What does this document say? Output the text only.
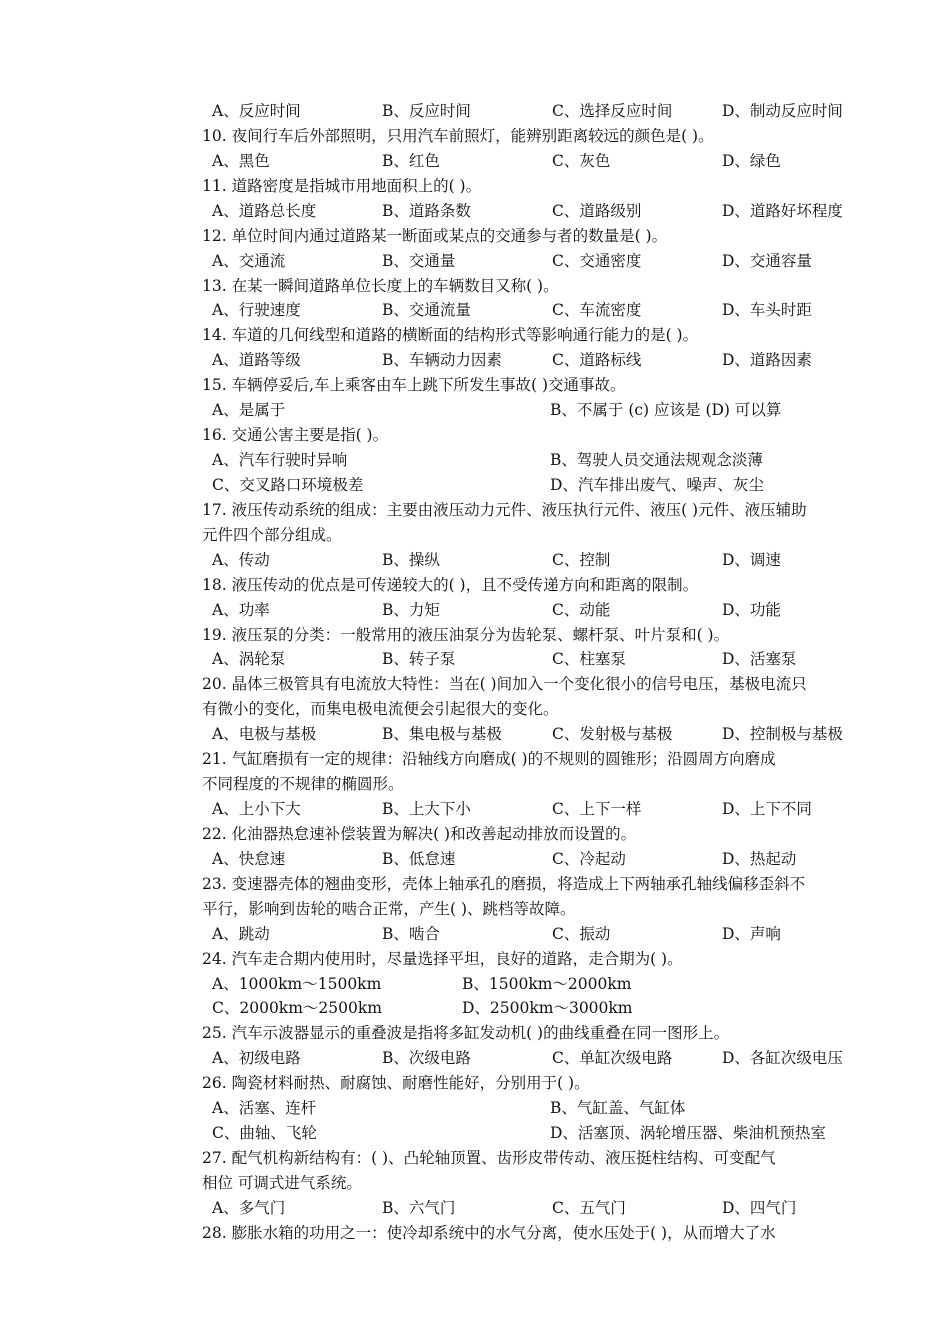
A、反应时间	B、反应时间	C、选择反应时间	D、制动反应时间
10. 夜间行车后外部照明，只用汽车前照灯，能辨别距离较远的颜色是( )。
A、黑色	B、红色	C、灰色	D、绿色
11. 道路密度是指城市用地面积上的( )。
A、道路总长度	B、道路条数	C、道路级别	D、道路好坏程度
12. 单位时间内通过道路某一断面或某点的交通参与者的数量是( )。
A、交通流	B、交通量	C、交通密度	D、交通容量
13. 在某一瞬间道路单位长度上的车辆数目又称( )。
A、行驶速度	B、交通流量	C、车流密度	D、车头时距
14. 车道的几何线型和道路的横断面的结构形式等影响通行能力的是( )。
A、道路等级	B、车辆动力因素	C、道路标线	D、道路因素
15. 车辆停妥后,车上乘客由车上跳下所发生事故( )交通事故。
A、是属于	B、不属于 (c) 应该是 (D) 可以算
16. 交通公害主要是指( )。
A、汽车行驶时异响	B、驾驶人员交通法规观念淡薄
C、交叉路口环境极差	D、汽车排出废气、噪声、灰尘
17. 液压传动系统的组成：主要由液压动力元件、液压执行元件、液压( )元件、液压辅助
元件四个部分组成。
A、传动	B、操纵	C、控制	D、调速
18. 液压传动的优点是可传递较大的( )，且不受传递方向和距离的限制。
A、功率	B、力矩	C、动能	D、功能
19. 液压泵的分类：一般常用的液压油泵分为齿轮泵、螺杆泵、叶片泵和( )。
A、涡轮泵	B、转子泵	C、柱塞泵	D、活塞泵
20. 晶体三极管具有电流放大特性：当在( )间加入一个变化很小的信号电压，基极电流只
有微小的变化，而集电极电流便会引起很大的变化。
A、电极与基极	B、集电极与基极	C、发射极与基极	D、控制极与基极
21. 气缸磨损有一定的规律：沿轴线方向磨成( )的不规则的圆锥形；沿圆周方向磨成
不同程度的不规律的椭圆形。
A、上小下大	B、上大下小	C、上下一样	D、上下不同
22. 化油器热怠速补偿装置为解决( )和改善起动排放而设置的。
A、快怠速	B、低怠速	C、冷起动	D、热起动
23. 变速器壳体的翘曲变形，壳体上轴承孔的磨损，将造成上下两轴承孔轴线偏移歪斜不
平行，影响到齿轮的啮合正常，产生( )、跳档等故障。
A、跳动	B、啮合	C、振动	D、声响
24. 汽车走合期内使用时，尽量选择平坦，良好的道路，走合期为( )。
A、1000km～1500km	B、1500km～2000km
C、2000km～2500km	D、2500km～3000km
25. 汽车示波器显示的重叠波是指将多缸发动机( )的曲线重叠在同一图形上。
A、初级电路	B、次级电路	C、单缸次级电路	D、各缸次级电压
26. 陶瓷材料耐热、耐腐蚀、耐磨性能好，分别用于( )。
A、活塞、连杆	B、气缸盖、气缸体
C、曲轴、飞轮	D、活塞顶、涡轮增压器、柴油机预热室
27. 配气机构新结构有：( )、凸轮轴顶置、齿形皮带传动、液压挺柱结构、可变配气
相位 可调式进气系统。
A、多气门	B、六气门	C、五气门	D、四气门
28. 膨胀水箱的功用之一：使冷却系统中的水气分离，使水压处于( )，从而增大了水
